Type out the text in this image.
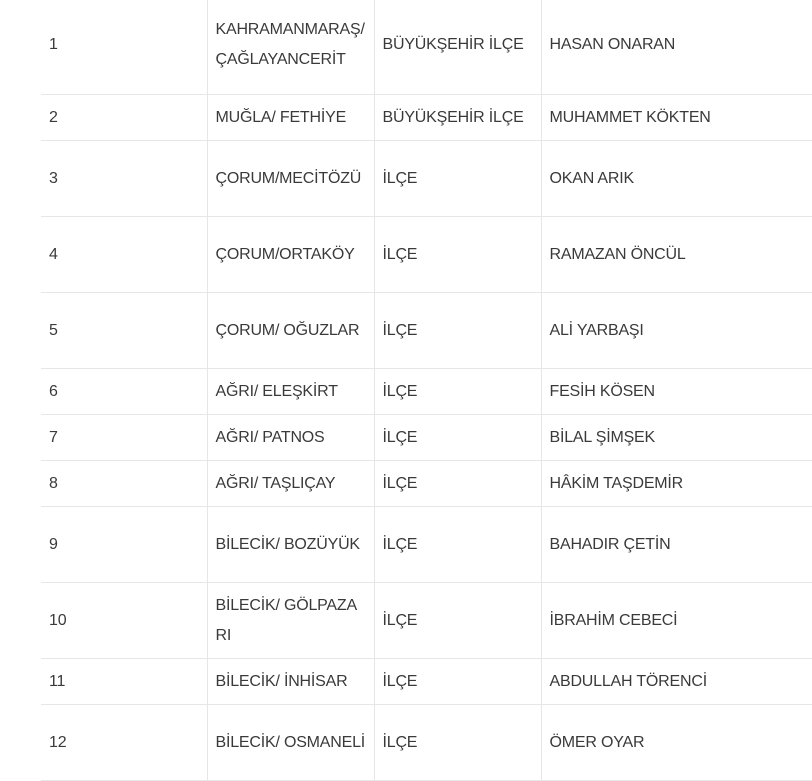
1	KAHRAMANMARAŞ/ ÇAĞLAYANCERİT	BÜYÜKŞEHİR İLÇE	HASAN ONARAN
2	MUĞLA/ FETHİYE	BÜYÜKŞEHİR İLÇE	MUHAMMET KÖKTEN
3	ÇORUM/MECİTÖZÜ	İLÇE	OKAN ARIK
4	ÇORUM/ORTAKÖY	İLÇE	RAMAZAN ÖNCÜL
5	ÇORUM/ OĞUZLAR	İLÇE	ALİ YARBAŞI
6	AĞRI/ ELEŞKİRT	İLÇE	FESİH KÖSEN
7	AĞRI/ PATNOS	İLÇE	BİLAL ŞİMŞEK
8	AĞRI/ TAŞLIÇAY	İLÇE	HÂKİM TAŞDEMİR
9	BİLECİK/ BOZÜYÜK	İLÇE	BAHADIR ÇETİN
10	BİLECİK/ GÖLPAZARI	İLÇE	İBRAHİM CEBECİ
11	BİLECİK/ İNHİSAR	İLÇE	ABDULLAH TÖRENCİ
12	BİLECİK/ OSMANELİ	İLÇE	ÖMER OYAR
